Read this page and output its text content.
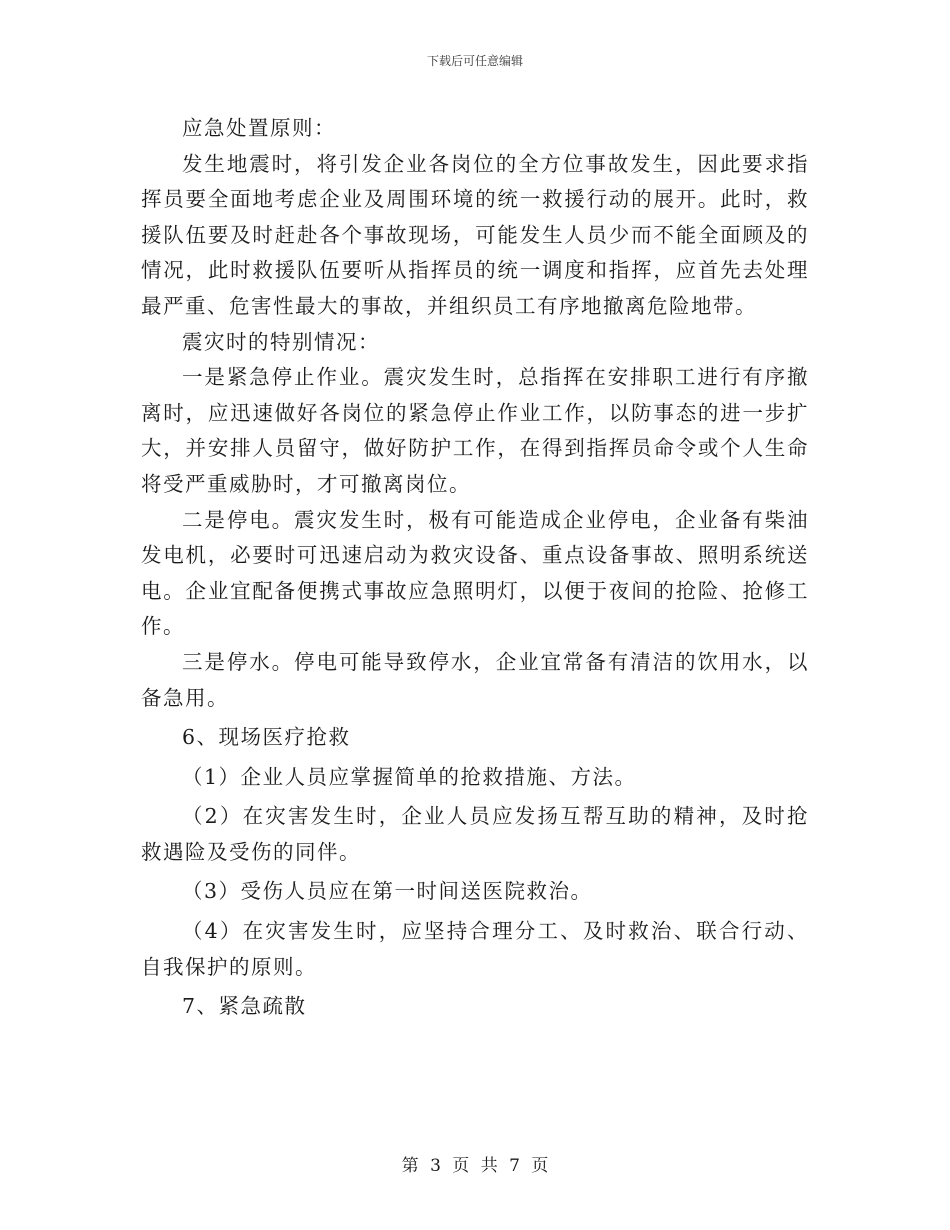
下载后可任意编辑

应急处置原则：

发生地震时，将引发企业各岗位的全方位事故发生，因此要求指挥员要全面地考虑企业及周围环境的统一救援行动的展开。此时，救援队伍要及时赶赴各个事故现场，可能发生人员少而不能全面顾及的情况，此时救援队伍要听从指挥员的统一调度和指挥，应首先去处理最严重、危害性最大的事故，并组织员工有序地撤离危险地带。

震灾时的特别情况：

一是紧急停止作业。震灾发生时，总指挥在安排职工进行有序撤离时，应迅速做好各岗位的紧急停止作业工作，以防事态的进一步扩大，并安排人员留守，做好防护工作，在得到指挥员命令或个人生命将受严重威胁时，才可撤离岗位。

二是停电。震灾发生时，极有可能造成企业停电，企业备有柴油发电机，必要时可迅速启动为救灾设备、重点设备事故、照明系统送电。企业宜配备便携式事故应急照明灯，以便于夜间的抢险、抢修工作。

三是停水。停电可能导致停水，企业宜常备有清洁的饮用水，以备急用。

6、现场医疗抢救

（1）企业人员应掌握简单的抢救措施、方法。

（2）在灾害发生时，企业人员应发扬互帮互助的精神，及时抢救遇险及受伤的同伴。

（3）受伤人员应在第一时间送医院救治。

（4）在灾害发生时，应坚持合理分工、及时救治、联合行动、自我保护的原则。

7、紧急疏散

第 3 页 共 7 页
